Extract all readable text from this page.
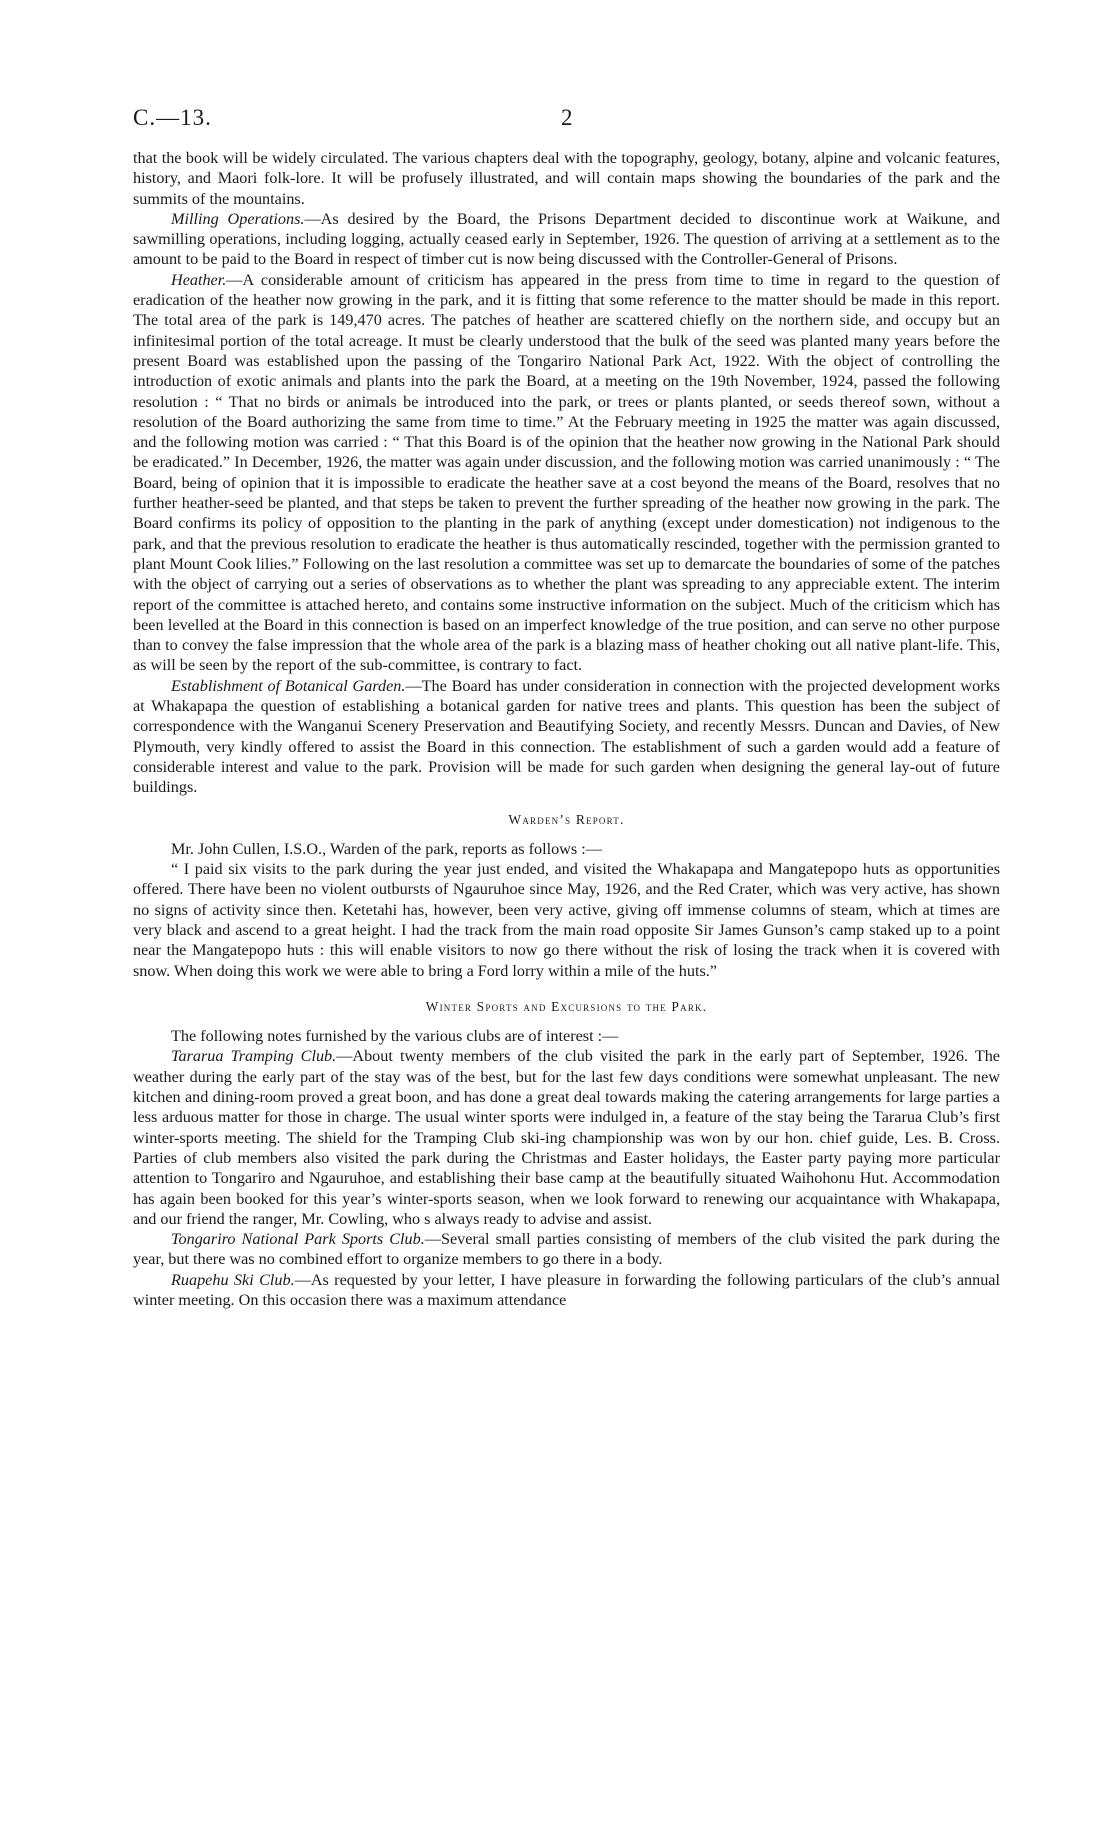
C.—13.	2

that the book will be widely circulated. The various chapters deal with the topography, geology, botany, alpine and volcanic features, history, and Maori folk-lore. It will be profusely illustrated, and will contain maps showing the boundaries of the park and the summits of the mountains.

Milling Operations.—As desired by the Board, the Prisons Department decided to discontinue work at Waikune, and sawmilling operations, including logging, actually ceased early in September, 1926. The question of arriving at a settlement as to the amount to be paid to the Board in respect of timber cut is now being discussed with the Controller-General of Prisons.

Heather.—A considerable amount of criticism has appeared in the press from time to time in regard to the question of eradication of the heather now growing in the park, and it is fitting that some reference to the matter should be made in this report. The total area of the park is 149,470 acres. The patches of heather are scattered chiefly on the northern side, and occupy but an infinitesimal portion of the total acreage. It must be clearly understood that the bulk of the seed was planted many years before the present Board was established upon the passing of the Tongariro National Park Act, 1922. With the object of controlling the introduction of exotic animals and plants into the park the Board, at a meeting on the 19th November, 1924, passed the following resolution : “ That no birds or animals be introduced into the park, or trees or plants planted, or seeds thereof sown, without a resolution of the Board authorizing the same from time to time.” At the February meeting in 1925 the matter was again discussed, and the following motion was carried : “ That this Board is of the opinion that the heather now growing in the National Park should be eradicated.” In December, 1926, the matter was again under discussion, and the following motion was carried unanimously : “ The Board, being of opinion that it is impossible to eradicate the heather save at a cost beyond the means of the Board, resolves that no further heather-seed be planted, and that steps be taken to prevent the further spreading of the heather now growing in the park. The Board confirms its policy of opposition to the planting in the park of anything (except under domestication) not indigenous to the park, and that the previous resolution to eradicate the heather is thus automatically rescinded, together with the permission granted to plant Mount Cook lilies.” Following on the last resolution a committee was set up to demarcate the boundaries of some of the patches with the object of carrying out a series of observations as to whether the plant was spreading to any appreciable extent. The interim report of the committee is attached hereto, and contains some instructive information on the subject. Much of the criticism which has been levelled at the Board in this connection is based on an imperfect knowledge of the true position, and can serve no other purpose than to convey the false impression that the whole area of the park is a blazing mass of heather choking out all native plant-life. This, as will be seen by the report of the sub-committee, is contrary to fact.

Establishment of Botanical Garden.—The Board has under consideration in connection with the projected development works at Whakapapa the question of establishing a botanical garden for native trees and plants. This question has been the subject of correspondence with the Wanganui Scenery Preservation and Beautifying Society, and recently Messrs. Duncan and Davies, of New Plymouth, very kindly offered to assist the Board in this connection. The establishment of such a garden would add a feature of considerable interest and value to the park. Provision will be made for such garden when designing the general lay-out of future buildings.

Warden’s Report.

Mr. John Cullen, I.S.O., Warden of the park, reports as follows :—

“ I paid six visits to the park during the year just ended, and visited the Whakapapa and Mangatepopo huts as opportunities offered. There have been no violent outbursts of Ngauruhoe since May, 1926, and the Red Crater, which was very active, has shown no signs of activity since then. Ketetahi has, however, been very active, giving off immense columns of steam, which at times are very black and ascend to a great height. I had the track from the main road opposite Sir James Gunson’s camp staked up to a point near the Mangatepopo huts : this will enable visitors to now go there without the risk of losing the track when it is covered with snow. When doing this work we were able to bring a Ford lorry within a mile of the huts.”

Winter Sports and Excursions to the Park.

The following notes furnished by the various clubs are of interest :—

Tararua Tramping Club.—About twenty members of the club visited the park in the early part of September, 1926. The weather during the early part of the stay was of the best, but for the last few days conditions were somewhat unpleasant. The new kitchen and dining-room proved a great boon, and has done a great deal towards making the catering arrangements for large parties a less arduous matter for those in charge. The usual winter sports were indulged in, a feature of the stay being the Tararua Club’s first winter-sports meeting. The shield for the Tramping Club ski-ing championship was won by our hon. chief guide, Les. B. Cross. Parties of club members also visited the park during the Christmas and Easter holidays, the Easter party paying more particular attention to Tongariro and Ngauruhoe, and establishing their base camp at the beautifully situated Waihohonu Hut. Accommodation has again been booked for this year’s winter-sports season, when we look forward to renewing our acquaintance with Whakapapa, and our friend the ranger, Mr. Cowling, who s always ready to advise and assist.

Tongariro National Park Sports Club.—Several small parties consisting of members of the club visited the park during the year, but there was no combined effort to organize members to go there in a body.

Ruapehu Ski Club.—As requested by your letter, I have pleasure in forwarding the following particulars of the club’s annual winter meeting. On this occasion there was a maximum attendance
